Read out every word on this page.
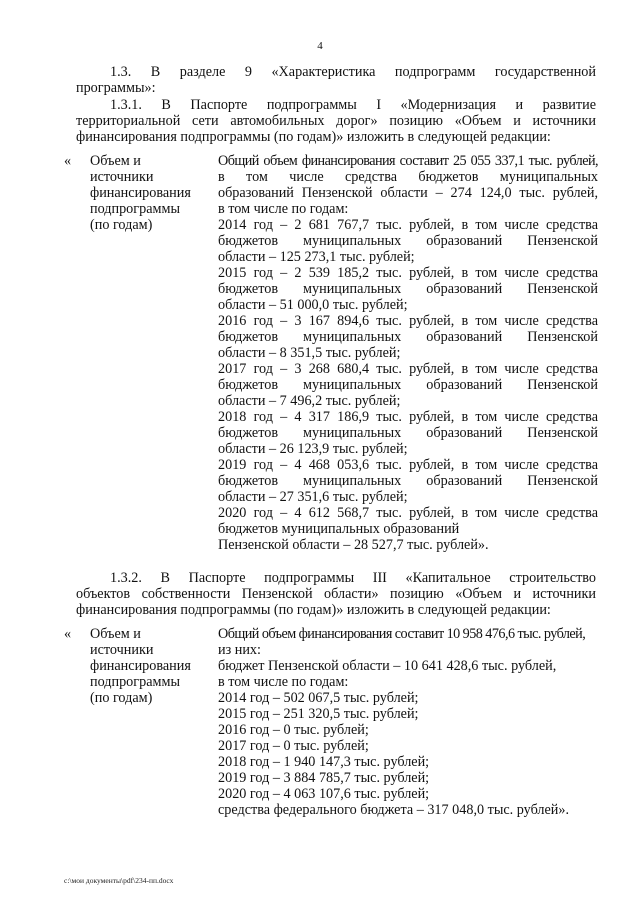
4
1.3. В разделе 9 «Характеристика подпрограмм государственной
программы»:
1.3.1. В Паспорте подпрограммы I «Модернизация и развитие
территориальной сети автомобильных дорог» позицию «Объем и источники
финансирования подпрограммы (по годам)» изложить в следующей редакции:
« Объем и
источники
финансирования
подпрограммы
(по годам)
Общий объем финансирования составит 25 055 337,1 тыс. рублей,
в том числе средства бюджетов муниципальных
образований Пензенской области – 274 124,0 тыс. рублей,
в том числе по годам:
2014 год – 2 681 767,7 тыс. рублей, в том числе средства
бюджетов муниципальных образований Пензенской
области – 125 273,1 тыс. рублей;
2015 год – 2 539 185,2 тыс. рублей, в том числе средства
бюджетов муниципальных образований Пензенской
области – 51 000,0 тыс. рублей;
2016 год – 3 167 894,6 тыс. рублей, в том числе средства
бюджетов муниципальных образований Пензенской
области – 8 351,5 тыс. рублей;
2017 год – 3 268 680,4 тыс. рублей, в том числе средства
бюджетов муниципальных образований Пензенской
области – 7 496,2 тыс. рублей;
2018 год – 4 317 186,9 тыс. рублей, в том числе средства
бюджетов муниципальных образований Пензенской
области – 26 123,9 тыс. рублей;
2019 год – 4 468 053,6 тыс. рублей, в том числе средства
бюджетов муниципальных образований Пензенской
области – 27 351,6 тыс. рублей;
2020 год – 4 612 568,7 тыс. рублей, в том числе средства
бюджетов муниципальных образований
Пензенской области – 28 527,7 тыс. рублей».
1.3.2. В Паспорте подпрограммы III «Капитальное строительство
объектов собственности Пензенской области» позицию «Объем и источники
финансирования подпрограммы (по годам)» изложить в следующей редакции:
« Объем и
источники
финансирования
подпрограммы
(по годам)
Общий объем финансирования составит 10 958 476,6 тыс. рублей,
из них:
бюджет Пензенской области – 10 641 428,6 тыс. рублей,
в том числе по годам:
2014 год – 502 067,5 тыс. рублей;
2015 год – 251 320,5 тыс. рублей;
2016 год – 0 тыс. рублей;
2017 год – 0 тыс. рублей;
2018 год – 1 940 147,3 тыс. рублей;
2019 год – 3 884 785,7 тыс. рублей;
2020 год – 4 063 107,6 тыс. рублей;
средства федерального бюджета – 317 048,0 тыс. рублей».
c:\мои документы\pdf\234-пп.docx
